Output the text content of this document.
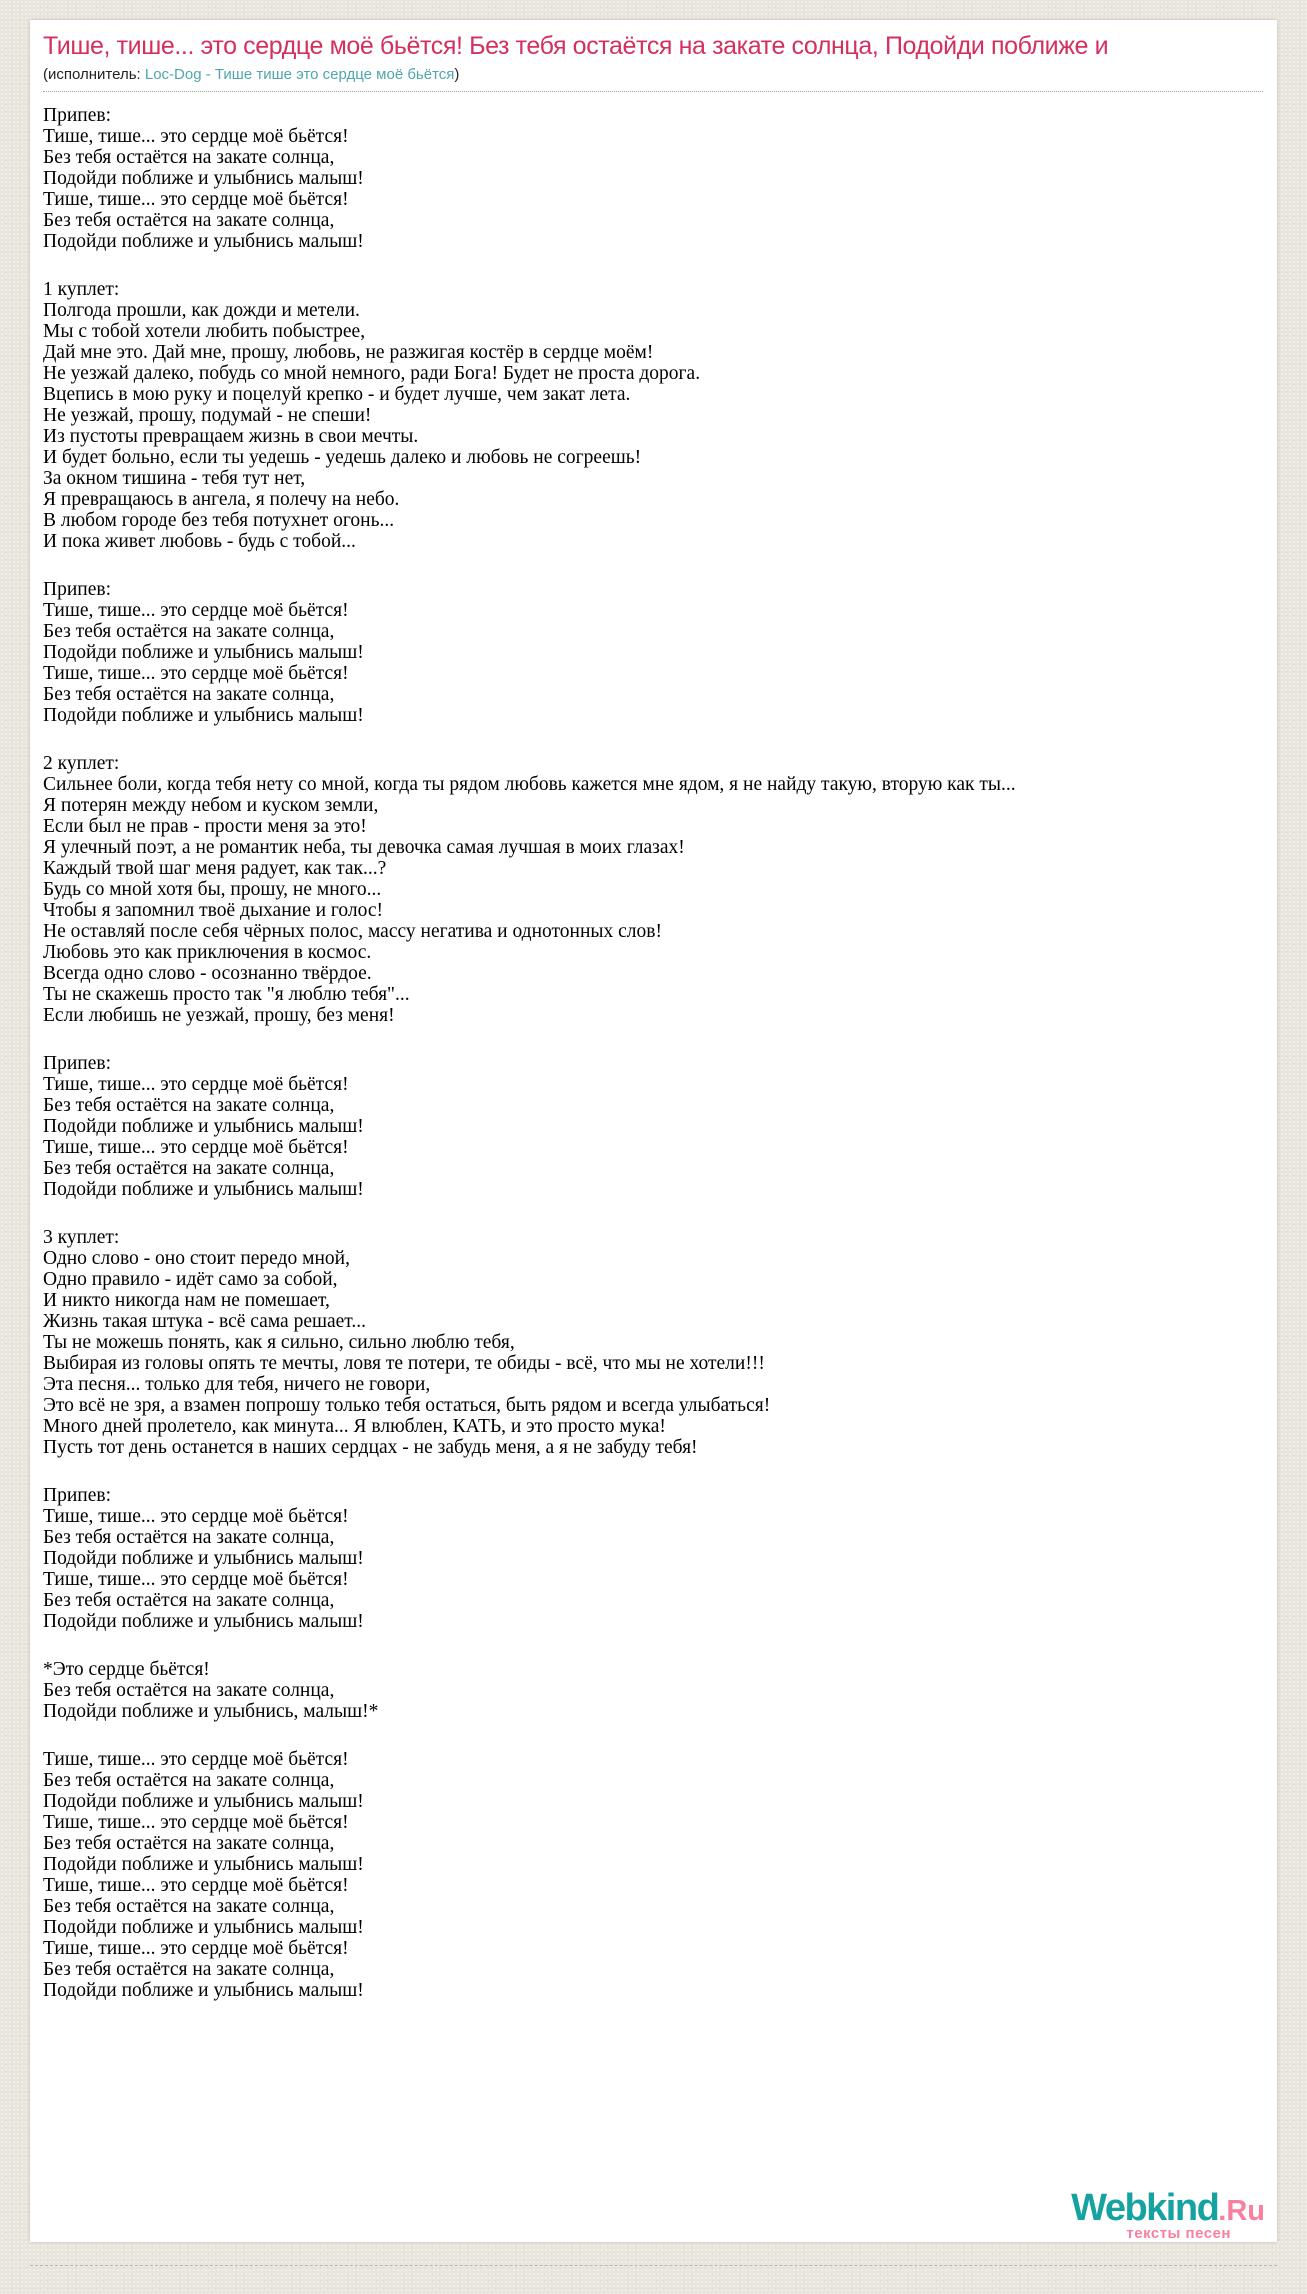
Тише, тише... это сердце моё бьётся! Без тебя остаётся на закате солнца, Подойди поближе и
(исполнитель: Loc-Dog - Тише тише это сердце моё бьётся)

Припев:
Тише, тише... это сердце моё бьётся!
Без тебя остаётся на закате солнца,
Подойди поближе и улыбнись малыш!
Тише, тише... это сердце моё бьётся!
Без тебя остаётся на закате солнца,
Подойди поближе и улыбнись малыш!

1 куплет:
Полгода прошли, как дожди и метели.
Мы с тобой хотели любить побыстрее,
Дай мне это. Дай мне, прошу, любовь, не разжигая костёр в сердце моём!
Не уезжай далеко, побудь со мной немного, ради Бога! Будет не проста дорога.
Вцепись в мою руку и поцелуй крепко - и будет лучше, чем закат лета.
Не уезжай, прошу, подумай - не спеши!
Из пустоты превращаем жизнь в свои мечты.
И будет больно, если ты уедешь - уедешь далеко и любовь не согреешь!
За окном тишина - тебя тут нет,
Я превращаюсь в ангела, я полечу на небо.
В любом городе без тебя потухнет огонь...
И пока живет любовь - будь с тобой...

Припев:
Тише, тише... это сердце моё бьётся!
Без тебя остаётся на закате солнца,
Подойди поближе и улыбнись малыш!
Тише, тише... это сердце моё бьётся!
Без тебя остаётся на закате солнца,
Подойди поближе и улыбнись малыш!

2 куплет:
Сильнее боли, когда тебя нету со мной, когда ты рядом любовь кажется мне ядом, я не найду такую, вторую как ты...
Я потерян между небом и куском земли,
Если был не прав - прости меня за это!
Я улечный поэт, а не романтик неба, ты девочка самая лучшая в моих глазах!
Каждый твой шаг меня радует, как так...?
Будь со мной хотя бы, прошу, не много...
Чтобы я запомнил твоё дыхание и голос!
Не оставляй после себя чёрных полос, массу негатива и однотонных слов!
Любовь это как приключения в космос.
Всегда одно слово - осознанно твёрдое.
Ты не скажешь просто так "я люблю тебя"...
Если любишь не уезжай, прошу, без меня!

Припев:
Тише, тише... это сердце моё бьётся!
Без тебя остаётся на закате солнца,
Подойди поближе и улыбнись малыш!
Тише, тише... это сердце моё бьётся!
Без тебя остаётся на закате солнца,
Подойди поближе и улыбнись малыш!

3 куплет:
Одно слово - оно стоит передо мной,
Одно правило - идёт само за собой,
И никто никогда нам не помешает,
Жизнь такая штука - всё сама решает...
Ты не можешь понять, как я сильно, сильно люблю тебя,
Выбирая из головы опять те мечты, ловя те потери, те обиды - всё, что мы не хотели!!!
Эта песня... только для тебя, ничего не говори,
Это всё не зря, а взамен попрошу только тебя остаться, быть рядом и всегда улыбаться!
Много дней пролетело, как минута... Я влюблен, КАТЬ, и это просто мука!
Пусть тот день останется в наших сердцах - не забудь меня, а я не забуду тебя!

Припев:
Тише, тише... это сердце моё бьётся!
Без тебя остаётся на закате солнца,
Подойди поближе и улыбнись малыш!
Тише, тише... это сердце моё бьётся!
Без тебя остаётся на закате солнца,
Подойди поближе и улыбнись малыш!

*Это сердце бьётся!
Без тебя остаётся на закате солнца,
Подойди поближе и улыбнись, малыш!*

Тише, тише... это сердце моё бьётся!
Без тебя остаётся на закате солнца,
Подойди поближе и улыбнись малыш!
Тише, тише... это сердце моё бьётся!
Без тебя остаётся на закате солнца,
Подойди поближе и улыбнись малыш!
Тише, тише... это сердце моё бьётся!
Без тебя остаётся на закате солнца,
Подойди поближе и улыбнись малыш!
Тише, тише... это сердце моё бьётся!
Без тебя остаётся на закате солнца,
Подойди поближе и улыбнись малыш!

Webkind.Ru
тексты песен
